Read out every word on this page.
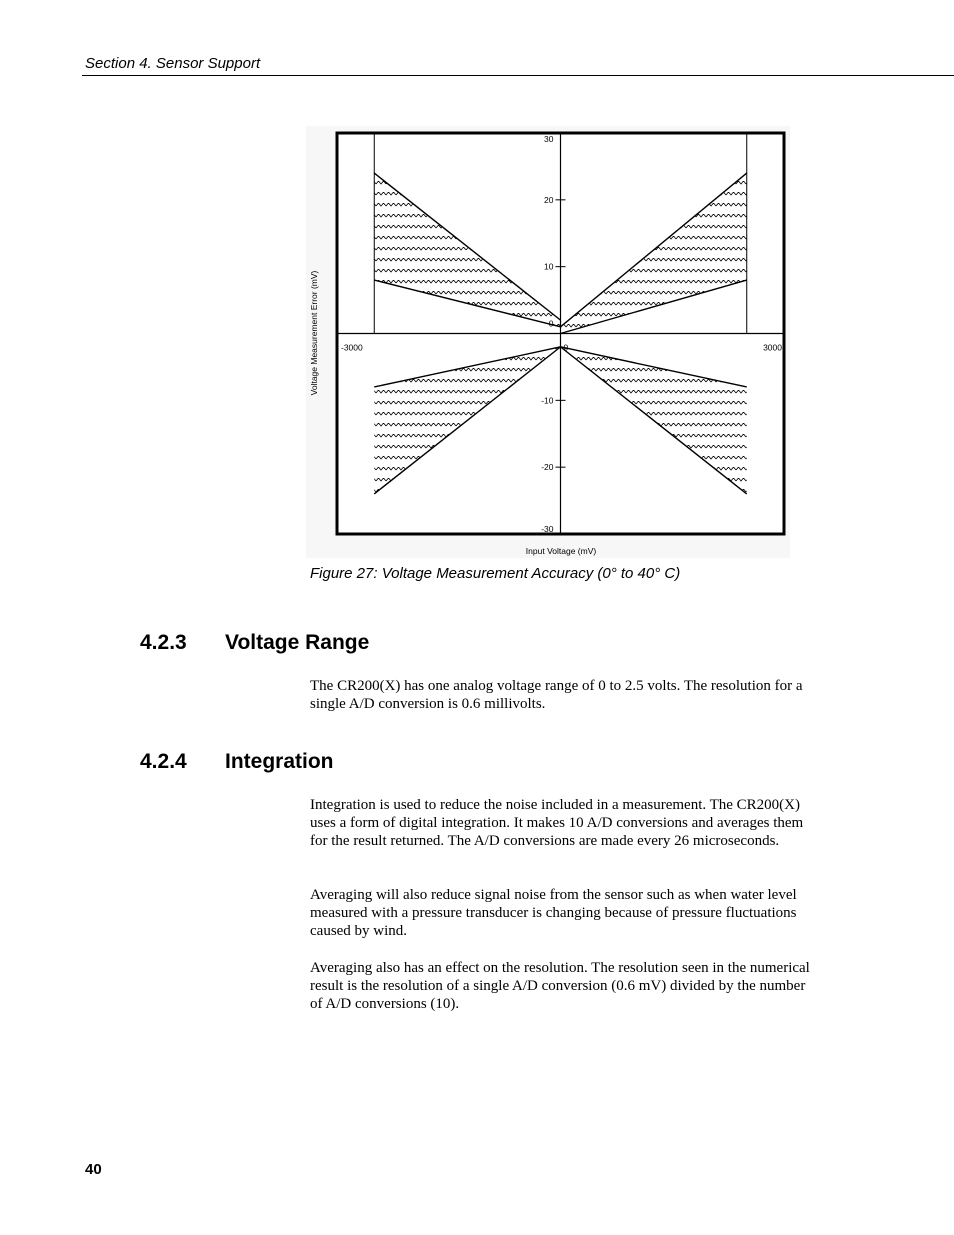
Section 4. Sensor Support
30
20
10
0
-10
-20
-30
-3000	0	3000
Input Voltage (mV)
Voltage Measurement Error (mV)
Figure 27: Voltage Measurement Accuracy (0° to 40° C)
4.2.3 Voltage Range

The CR200(X) has one analog voltage range of 0 to 2.5 volts. The resolution for a single A/D conversion is 0.6 millivolts.

4.2.4 Integration

Integration is used to reduce the noise included in a measurement. The CR200(X) uses a form of digital integration. It makes 10 A/D conversions and averages them for the result returned. The A/D conversions are made every 26 microseconds.

Averaging will also reduce signal noise from the sensor such as when water level measured with a pressure transducer is changing because of pressure fluctuations caused by wind.

Averaging also has an effect on the resolution. The resolution seen in the numerical result is the resolution of a single A/D conversion (0.6 mV) divided by the number of A/D conversions (10).

40
